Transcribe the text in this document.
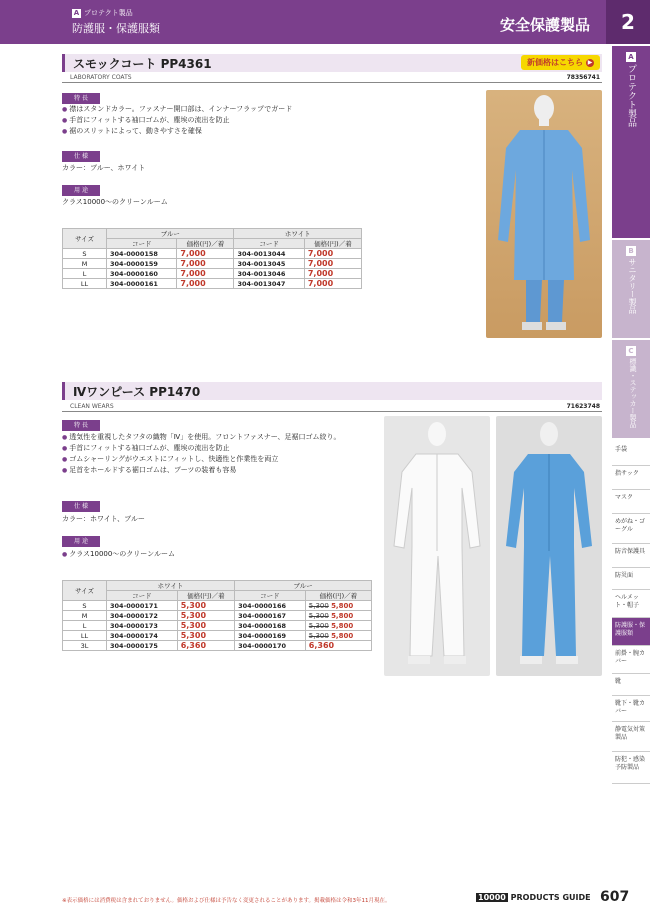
A プロテクト製品
防護服・保護服類	安全保護製品	2
スモックコート PP4361	新価格はこちら ▶
LABORATORY COATS	78356741
特 長
● 襟はスタンドカラー。ファスナー開口部は、インナーフラップでガード
● 手首にフィットする袖口ゴムが、塵埃の流出を防止
● 裾のスリットによって、動きやすさを確保
仕 様
カラー：ブルー、ホワイト
用 途
クラス10000～のクリーンルーム
サイズ	ブルー		ホワイト	
	コード	価格(円)／着	コード	価格(円)／着
S	304-0000158	7,000	304-0013044	7,000
M	304-0000159	7,000	304-0013045	7,000
L	304-0000160	7,000	304-0013046	7,000
LL	304-0000161	7,000	304-0013047	7,000
Ⅳワンピース PP1470
CLEAN WEARS	71623748
特 長
● 透気性を重視したタフタの織物「Ⅳ」を使用。フロントファスナー、足裾口ゴム絞り。
● 手首にフィットする袖口ゴムが、塵埃の流出を防止
● ゴムシャーリングがウエストにフィットし、快適性と作業性を両立
● 足首をホールドする裾口ゴムは、ブーツの装着も容易
仕 様
カラー：ホワイト、ブルー
用 途
● クラス10000～のクリーンルーム
サイズ	ホワイト		ブルー	
	コード	価格(円)／着	コード	価格(円)／着
S	304-0000171	5,300	304-0000166	5,300 5,800
M	304-0000172	5,300	304-0000167	5,300 5,800
L	304-0000173	5,300	304-0000168	5,300 5,800
LL	304-0000174	5,300	304-0000169	5,300 5,800
3L	304-0000175	6,360	304-0000170	6,360
A
プロテクト製品
B
サニタリー製品
C
標識・ステッカー製品
手袋
指サック
マスク
めがね・ゴーグル
防音保護具
防災面
ヘルメット・帽子
防護服・保護服類
前掛・腕カバー
靴
靴下・靴カバー
静電気対策製品
防犯・感染予防製品
※表示価格には消費税は含まれておりません。価格および仕様は予告なく変更されることがあります。掲載価格は令和3年11月現在。	10000 PRODUCTS GUIDE 607
